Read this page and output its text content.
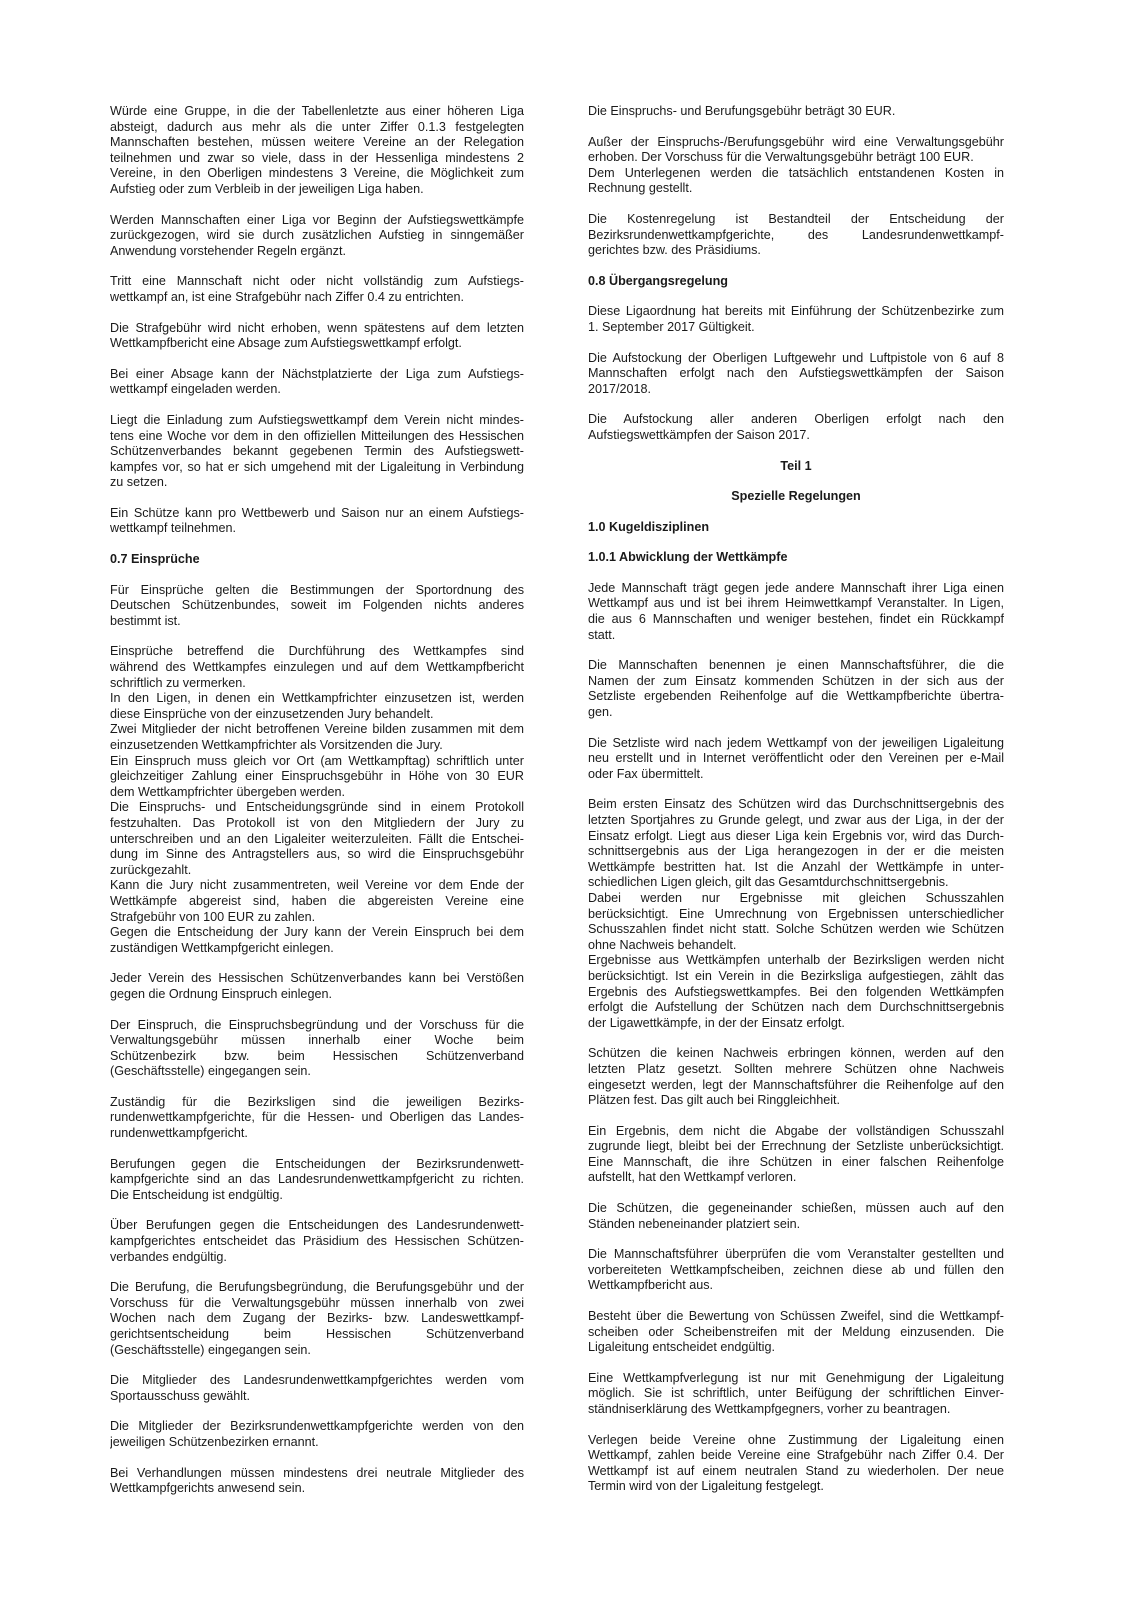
Würde eine Gruppe, in die der Tabellenletzte aus einer höheren Liga
absteigt, dadurch aus mehr als die unter Ziffer 0.1.3 festgelegten
Mannschaften bestehen, müssen weitere Vereine an der Relegation
teilnehmen und zwar so viele, dass in der Hessenliga mindestens 2
Vereine, in den Oberligen mindestens 3 Vereine, die Möglichkeit zum
Aufstieg oder zum Verbleib in der jeweiligen Liga haben.
Werden Mannschaften einer Liga vor Beginn der Aufstiegswettkämpfe
zurückgezogen, wird sie durch zusätzlichen Aufstieg in sinngemäßer
Anwendung vorstehender Regeln ergänzt.
Tritt eine Mannschaft nicht oder nicht vollständig zum Aufstiegs-
wettkampf an, ist eine Strafgebühr nach Ziffer 0.4 zu entrichten.
Die Strafgebühr wird nicht erhoben, wenn spätestens auf dem letzten
Wettkampfbericht eine Absage zum Aufstiegswettkampf erfolgt.
Bei einer Absage kann der Nächstplatzierte der Liga zum Aufstiegs-
wettkampf eingeladen werden.
Liegt die Einladung zum Aufstiegswettkampf dem Verein nicht mindes-
tens eine Woche vor dem in den offiziellen Mitteilungen des Hessischen
Schützenverbandes bekannt gegebenen Termin des Aufstiegswett-
kampfes vor, so hat er sich umgehend mit der Ligaleitung in Verbindung
zu setzen.
Ein Schütze kann pro Wettbewerb und Saison nur an einem Aufstiegs-
wettkampf teilnehmen.
0.7 Einsprüche
Für Einsprüche gelten die Bestimmungen der Sportordnung des
Deutschen Schützenbundes, soweit im Folgenden nichts anderes
bestimmt ist.
Einsprüche betreffend die Durchführung des Wettkampfes sind
während des Wettkampfes einzulegen und auf dem Wettkampfbericht
schriftlich zu vermerken.
In den Ligen, in denen ein Wettkampfrichter einzusetzen ist, werden
diese Einsprüche von der einzusetzenden Jury behandelt.
Zwei Mitglieder der nicht betroffenen Vereine bilden zusammen mit dem
einzusetzenden Wettkampfrichter als Vorsitzenden die Jury.
Ein Einspruch muss gleich vor Ort (am Wettkampftag) schriftlich unter
gleichzeitiger Zahlung einer Einspruchsgebühr in Höhe von 30 EUR
dem Wettkampfrichter übergeben werden.
Die Einspruchs- und Entscheidungsgründe sind in einem Protokoll
festzuhalten. Das Protokoll ist von den Mitgliedern der Jury zu
unterschreiben und an den Ligaleiter weiterzuleiten. Fällt die Entschei-
dung im Sinne des Antragstellers aus, so wird die Einspruchsgebühr
zurückgezahlt.
Kann die Jury nicht zusammentreten, weil Vereine vor dem Ende der
Wettkämpfe abgereist sind, haben die abgereisten Vereine eine
Strafgebühr von 100 EUR zu zahlen.
Gegen die Entscheidung der Jury kann der Verein Einspruch bei dem
zuständigen Wettkampfgericht einlegen.
Jeder Verein des Hessischen Schützenverbandes kann bei Verstößen
gegen die Ordnung Einspruch einlegen.
Der Einspruch, die Einspruchsbegründung und der Vorschuss für die
Verwaltungsgebühr müssen innerhalb einer Woche beim
Schützenbezirk bzw. beim Hessischen Schützenverband
(Geschäftsstelle) eingegangen sein.
Zuständig für die Bezirksligen sind die jeweiligen Bezirks-
rundenwettkampfgerichte, für die Hessen- und Oberligen das Landes-
rundenwettkampfgericht.
Berufungen gegen die Entscheidungen der Bezirksrundenwett-
kampfgerichte sind an das Landesrundenwettkampfgericht zu richten.
Die Entscheidung ist endgültig.
Über Berufungen gegen die Entscheidungen des Landesrundenwett-
kampfgerichtes entscheidet das Präsidium des Hessischen Schützen-
verbandes endgültig.
Die Berufung, die Berufungsbegründung, die Berufungsgebühr und der
Vorschuss für die Verwaltungsgebühr müssen innerhalb von zwei
Wochen nach dem Zugang der Bezirks- bzw. Landeswettkampf-
gerichtsentscheidung beim Hessischen Schützenverband
(Geschäftsstelle) eingegangen sein.
Die Mitglieder des Landesrundenwettkampfgerichtes werden vom
Sportausschuss gewählt.
Die Mitglieder der Bezirksrundenwettkampfgerichte werden von den
jeweiligen Schützenbezirken ernannt.
Bei Verhandlungen müssen mindestens drei neutrale Mitglieder des
Wettkampfgerichts anwesend sein.
Die Einspruchs- und Berufungsgebühr beträgt 30 EUR.
Außer der Einspruchs-/Berufungsgebühr wird eine Verwaltungsgebühr
erhoben. Der Vorschuss für die Verwaltungsgebühr beträgt 100 EUR.
Dem Unterlegenen werden die tatsächlich entstandenen Kosten in
Rechnung gestellt.
Die Kostenregelung ist Bestandteil der Entscheidung der
Bezirksrundenwettkampfgerichte, des Landesrundenwettkampf-
gerichtes bzw. des Präsidiums.
0.8 Übergangsregelung
Diese Ligaordnung hat bereits mit Einführung der Schützenbezirke zum
1. September 2017 Gültigkeit.
Die Aufstockung der Oberligen Luftgewehr und Luftpistole von 6 auf 8
Mannschaften erfolgt nach den Aufstiegswettkämpfen der Saison
2017/2018.
Die Aufstockung aller anderen Oberligen erfolgt nach den
Aufstiegswettkämpfen der Saison 2017.
Teil 1
Spezielle Regelungen
1.0 Kugeldisziplinen
1.0.1 Abwicklung der Wettkämpfe
Jede Mannschaft trägt gegen jede andere Mannschaft ihrer Liga einen
Wettkampf aus und ist bei ihrem Heimwettkampf Veranstalter. In Ligen,
die aus 6 Mannschaften und weniger bestehen, findet ein Rückkampf
statt.
Die Mannschaften benennen je einen Mannschaftsführer, die die
Namen der zum Einsatz kommenden Schützen in der sich aus der
Setzliste ergebenden Reihenfolge auf die Wettkampfberichte übertra-
gen.
Die Setzliste wird nach jedem Wettkampf von der jeweiligen Ligaleitung
neu erstellt und in Internet veröffentlicht oder den Vereinen per e-Mail
oder Fax übermittelt.
Beim ersten Einsatz des Schützen wird das Durchschnittsergebnis des
letzten Sportjahres zu Grunde gelegt, und zwar aus der Liga, in der der
Einsatz erfolgt. Liegt aus dieser Liga kein Ergebnis vor, wird das Durch-
schnittsergebnis aus der Liga herangezogen in der er die meisten
Wettkämpfe bestritten hat. Ist die Anzahl der Wettkämpfe in unter-
schiedlichen Ligen gleich, gilt das Gesamtdurchschnittsergebnis.
Dabei werden nur Ergebnisse mit gleichen Schusszahlen
berücksichtigt. Eine Umrechnung von Ergebnissen unterschiedlicher
Schusszahlen findet nicht statt. Solche Schützen werden wie Schützen
ohne Nachweis behandelt.
Ergebnisse aus Wettkämpfen unterhalb der Bezirksligen werden nicht
berücksichtigt. Ist ein Verein in die Bezirksliga aufgestiegen, zählt das
Ergebnis des Aufstiegswettkampfes. Bei den folgenden Wettkämpfen
erfolgt die Aufstellung der Schützen nach dem Durchschnittsergebnis
der Ligawettkämpfe, in der der Einsatz erfolgt.
Schützen die keinen Nachweis erbringen können, werden auf den
letzten Platz gesetzt. Sollten mehrere Schützen ohne Nachweis
eingesetzt werden, legt der Mannschaftsführer die Reihenfolge auf den
Plätzen fest. Das gilt auch bei Ringgleichheit.
Ein Ergebnis, dem nicht die Abgabe der vollständigen Schusszahl
zugrunde liegt, bleibt bei der Errechnung der Setzliste unberücksichtigt.
Eine Mannschaft, die ihre Schützen in einer falschen Reihenfolge
aufstellt, hat den Wettkampf verloren.
Die Schützen, die gegeneinander schießen, müssen auch auf den
Ständen nebeneinander platziert sein.
Die Mannschaftsführer überprüfen die vom Veranstalter gestellten und
vorbereiteten Wettkampfscheiben, zeichnen diese ab und füllen den
Wettkampfbericht aus.
Besteht über die Bewertung von Schüssen Zweifel, sind die Wettkampf-
scheiben oder Scheibenstreifen mit der Meldung einzusenden. Die
Ligaleitung entscheidet endgültig.
Eine Wettkampfverlegung ist nur mit Genehmigung der Ligaleitung
möglich. Sie ist schriftlich, unter Beifügung der schriftlichen Einver-
ständniserklärung des Wettkampfgegners, vorher zu beantragen.
Verlegen beide Vereine ohne Zustimmung der Ligaleitung einen
Wettkampf, zahlen beide Vereine eine Strafgebühr nach Ziffer 0.4. Der
Wettkampf ist auf einem neutralen Stand zu wiederholen. Der neue
Termin wird von der Ligaleitung festgelegt.
